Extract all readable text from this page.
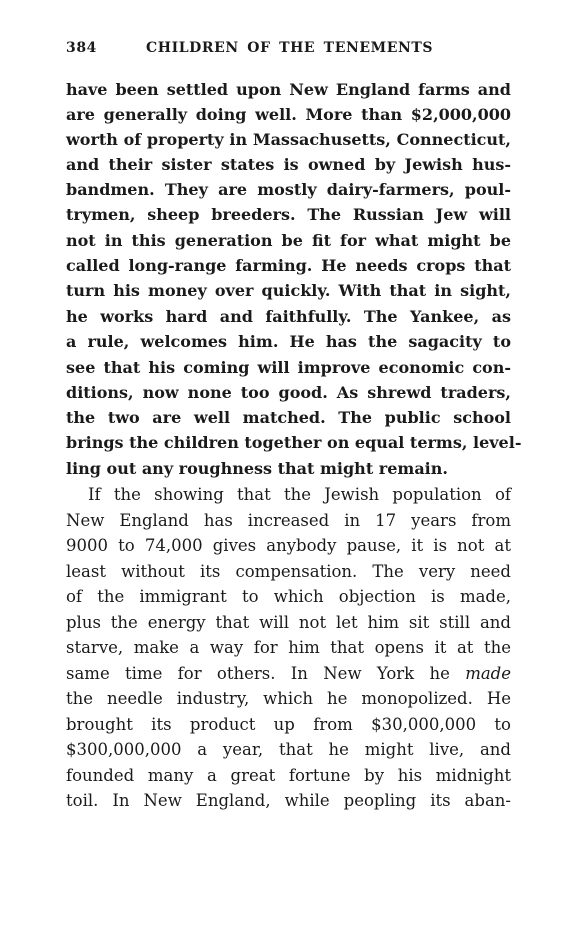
384	CHILDREN OF THE TENEMENTS
have been settled upon New England farms and
are generally doing well. More than $2,000,000
worth of property in Massachusetts, Connecticut,
and their sister states is owned by Jewish hus-
bandmen. They are mostly dairy-farmers, poul-
trymen, sheep breeders. The Russian Jew will
not in this generation be fit for what might be
called long-range farming. He needs crops that
turn his money over quickly. With that in sight,
he works hard and faithfully. The Yankee, as
a rule, welcomes him. He has the sagacity to
see that his coming will improve economic con-
ditions, now none too good. As shrewd traders,
the two are well matched. The public school
brings the children together on equal terms, level-
ling out any roughness that might remain.
If the showing that the Jewish population of
New England has increased in 17 years from
9000 to 74,000 gives anybody pause, it is not at
least without its compensation. The very need
of the immigrant to which objection is made,
plus the energy that will not let him sit still and
starve, make a way for him that opens it at the
same time for others. In New York he made
the needle industry, which he monopolized. He
brought its product up from $30,000,000 to
$300,000,000 a year, that he might live, and
founded many a great fortune by his midnight
toil. In New England, while peopling its aban-
